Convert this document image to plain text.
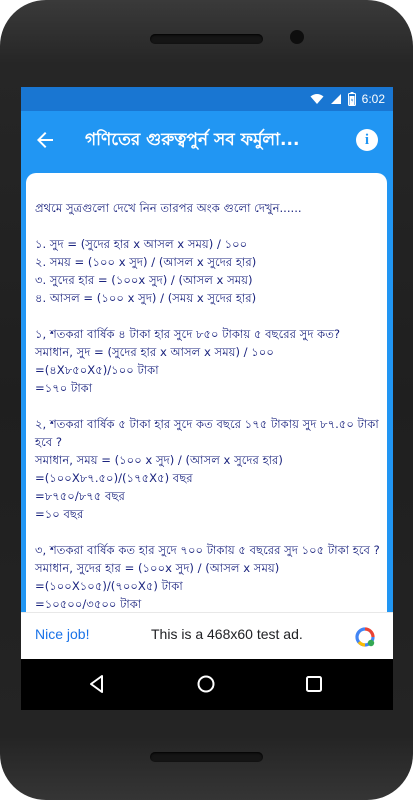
6:02
গণিতের গুরুত্বপুর্ন সব ফর্মুলা...	i

প্রথমে সুত্রগুলো দেখে নিন তারপর অংক গুলো দেখুন......

১. সুদ = (সুদের হার x আসল x সময়) / ১০০

২. সময় = (১০০ x সুদ) / (আসল x সুদের হার)

৩. সুদের হার = (১০০x সুদ) / (আসল x সময়)

৪. আসল = (১০০ x সুদ) / (সময় x সুদের হার)

১, শতকরা বার্ষিক ৪ টাকা হার সুদে ৮৫০ টাকায় ৫ বছরের সুদ কত?

সমাধান, সুদ = (সুদের হার x আসল x সময়) / ১০০

=(৪X৮৫০X৫)/১০০ টাকা

=১৭০ টাকা

২, শতকরা বার্ষিক ৫ টাকা হার সুদে কত বছরে ১৭৫ টাকায় সুদ ৮৭.৫০ টাকা হবে ?

সমাধান, সময় = (১০০ x সুদ) / (আসল x সুদের হার)

=(১০০X৮৭.৫০)/(১৭৫X৫) বছর

=৮৭৫০/৮৭৫ বছর

=১০ বছর

৩, শতকরা বার্ষিক কত হার সুদে ৭০০ টাকায় ৫ বছরের সুদ ১০৫ টাকা হবে ?

সমাধান, সুদের হার = (১০০x সুদ) / (আসল x সময়)

=(১০০X১০৫)/(৭০০X৫) টাকা

=১০৫০০/৩৫০০ টাকা

Nice job!	This is a 468x60 test ad.
